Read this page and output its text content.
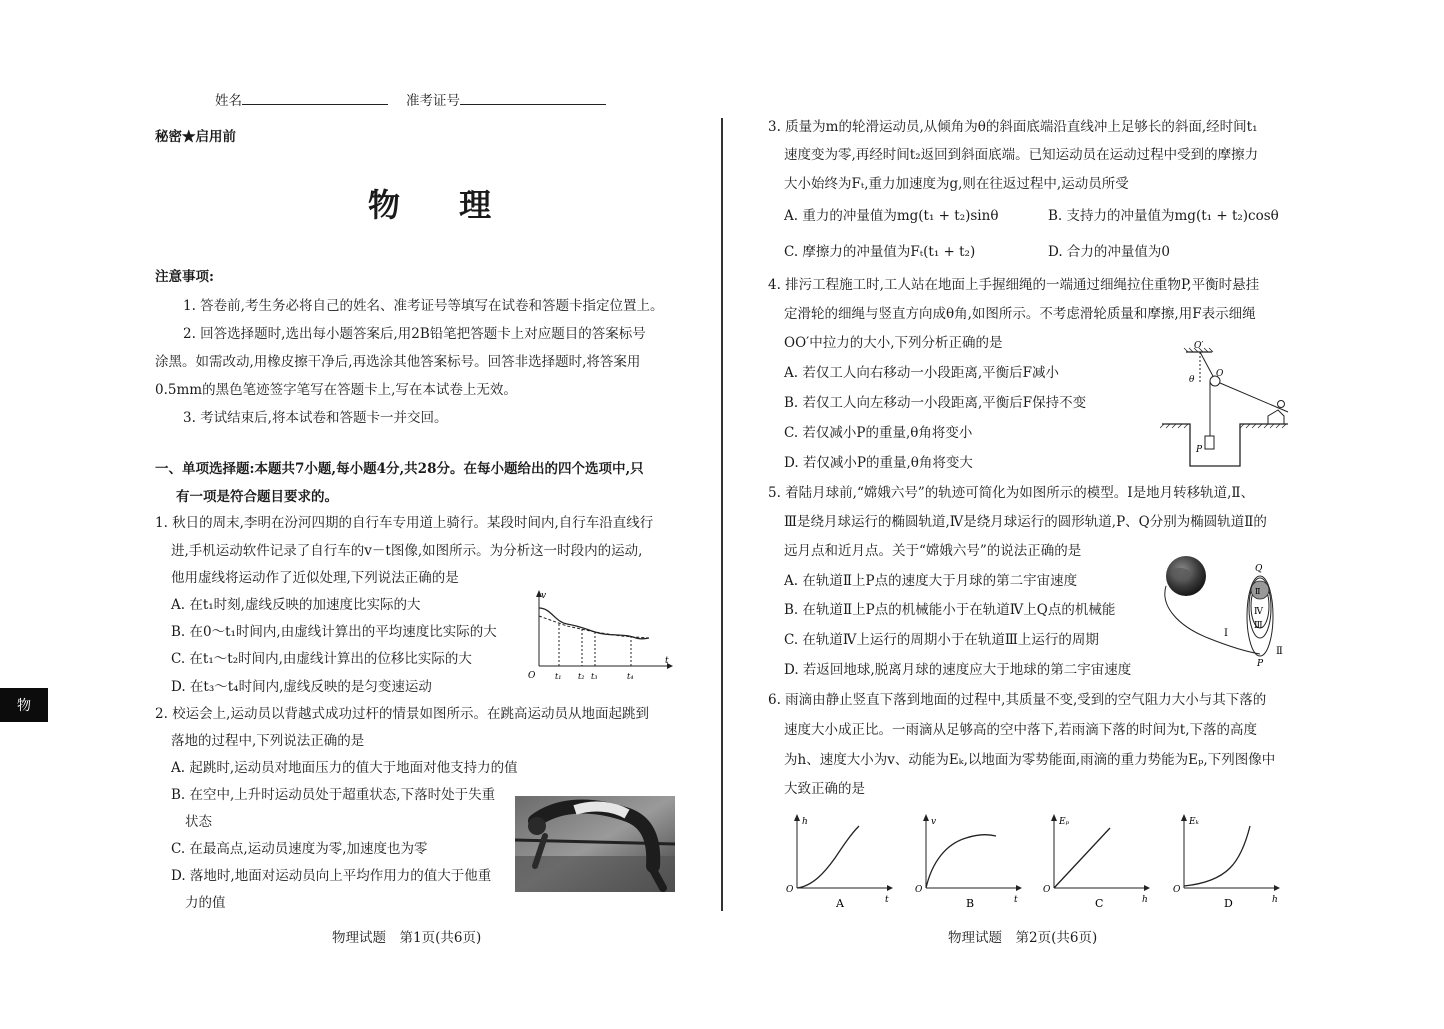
姓名	准考证号
秘密★启用前
物 理
注意事项:
1. 答卷前,考生务必将自己的姓名、准考证号等填写在试卷和答题卡指定位置上。
2. 回答选择题时,选出每小题答案后,用2B铅笔把答题卡上对应题目的答案标号
涂黑。如需改动,用橡皮擦干净后,再选涂其他答案标号。回答非选择题时,将答案用
0.5mm的黑色笔迹签字笔写在答题卡上,写在本试卷上无效。
3. 考试结束后,将本试卷和答题卡一并交回。
一、单项选择题:本题共7小题,每小题4分,共28分。在每小题给出的四个选项中,只
有一项是符合题目要求的。
1. 秋日的周末,李明在汾河四期的自行车专用道上骑行。某段时间内,自行车沿直线行
进,手机运动软件记录了自行车的v－t图像,如图所示。为分析这一时段内的运动,
他用虚线将运动作了近似处理,下列说法正确的是
A. 在t₁时刻,虚线反映的加速度比实际的大
B. 在0～t₁时间内,由虚线计算出的平均速度比实际的大
C. 在t₁～t₂时间内,由虚线计算出的位移比实际的大
D. 在t₃～t₄时间内,虚线反映的是匀变速运动
v
t
O t₁ t₂ t₃	t₄
2. 校运会上,运动员以背越式成功过杆的情景如图所示。在跳高运动员从地面起跳到
落地的过程中,下列说法正确的是
A. 起跳时,运动员对地面压力的值大于地面对他支持力的值
B. 在空中,上升时运动员处于超重状态,下落时处于失重
状态
C. 在最高点,运动员速度为零,加速度也为零
D. 落地时,地面对运动员向上平均作用力的值大于他重
力的值
物理试题　第1页(共6页)
物
3. 质量为m的轮滑运动员,从倾角为θ的斜面底端沿直线冲上足够长的斜面,经时间t₁
速度变为零,再经时间t₂返回到斜面底端。已知运动员在运动过程中受到的摩擦力
大小始终为Fₜ,重力加速度为g,则在往返过程中,运动员所受
A. 重力的冲量值为mg(t₁ + t₂)sinθ	B. 支持力的冲量值为mg(t₁ + t₂)cosθ
C. 摩擦力的冲量值为Fₜ(t₁ + t₂)	D. 合力的冲量值为0
4. 排污工程施工时,工人站在地面上手握细绳的一端通过细绳拉住重物P,平衡时悬挂
定滑轮的细绳与竖直方向成θ角,如图所示。不考虑滑轮质量和摩擦,用F表示细绳
OO′中拉力的大小,下列分析正确的是
A. 若仅工人向右移动一小段距离,平衡后F减小
B. 若仅工人向左移动一小段距离,平衡后F保持不变
C. 若仅减小P的重量,θ角将变小
D. 若仅减小P的重量,θ角将变大
O′
O
θ
P
5. 着陆月球前,“嫦娥六号”的轨迹可简化为如图所示的模型。Ⅰ是地月转移轨道,Ⅱ、
Ⅲ是绕月球运行的椭圆轨道,Ⅳ是绕月球运行的圆形轨道,P、Q分别为椭圆轨道Ⅱ的
远月点和近月点。关于“嫦娥六号”的说法正确的是
A. 在轨道Ⅱ上P点的速度大于月球的第二宇宙速度
B. 在轨道Ⅱ上P点的机械能小于在轨道Ⅳ上Q点的机械能
C. 在轨道Ⅳ上运行的周期小于在轨道Ⅲ上运行的周期
D. 若返回地球,脱离月球的速度应大于地球的第二宇宙速度
Q
P
Ⅰ
Ⅱ
Ⅱ
Ⅲ
Ⅳ
6. 雨滴由静止竖直下落到地面的过程中,其质量不变,受到的空气阻力大小与其下落的
速度大小成正比。一雨滴从足够高的空中落下,若雨滴下落的时间为t,下落的高度
为h、速度大小为v、动能为Eₖ,以地面为零势能面,雨滴的重力势能为Eₚ,下列图像中
大致正确的是
h
t
O
A
v
t
O
B
Eₚ
h
O
C
Eₖ
h
O
D
物理试题　第2页(共6页)
